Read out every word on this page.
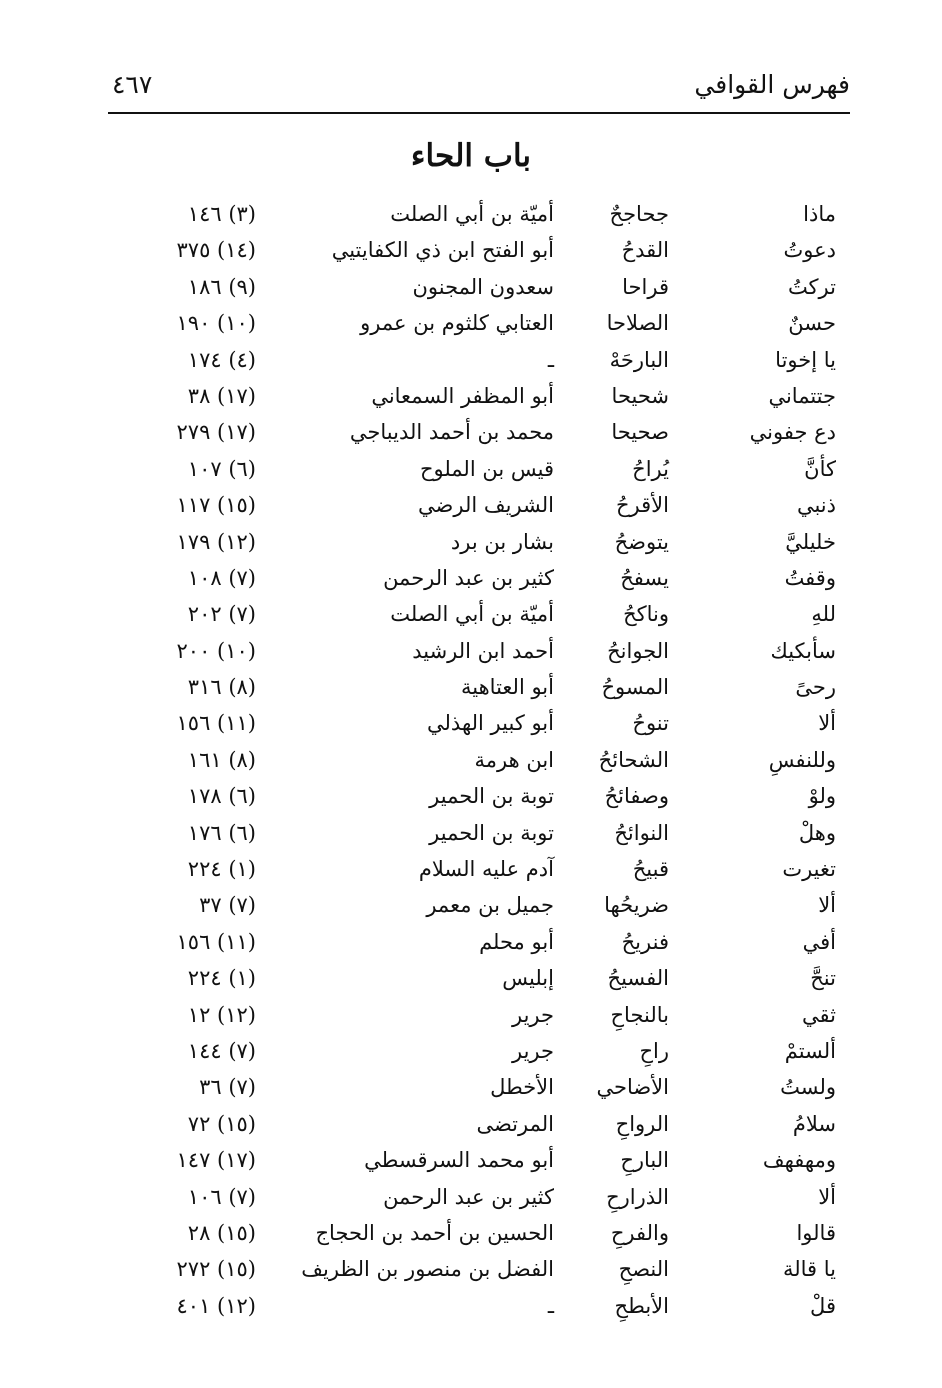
فهرس القوافي
٤٦٧
باب الحاء
ماذا
جحاجحٌ
أميّة بن أبي الصلت
(٣) ١٤٦
دعوتُ
القدحُ
أبو الفتح ابن ذي الكفايتيي
(١٤) ٣٧٥
تركتُ
قراحا
سعدون المجنون
(٩) ١٨٦
حسنٌ
الصلاحا
العتابي كلثوم بن عمرو
(١٠) ١٩٠
يا إخوتا
البارحَهْ
ـ
(٤) ١٧٤
جتتماني
شحيحا
أبو المظفر السمعاني
(١٧) ٣٨
دع جفوني
صحيحا
محمد بن أحمد الديباجي
(١٧) ٢٧٩
كأنَّ
يُراحُ
قيس بن الملوح
(٦) ١٠٧
ذنبي
الأقرحُ
الشريف الرضي
(١٥) ١١٧
خليليَّ
يتوضحُ
بشار بن برد
(١٢) ١٧٩
وقفتُ
يسفحُ
كثير بن عبد الرحمن
(٧) ١٠٨
للهِ
وناكحُ
أميّة بن أبي الصلت
(٧) ٢٠٢
سأبكيك
الجوانحُ
أحمد ابن الرشيد
(١٠) ٢٠٠
رحىً
المسوحُ
أبو العتاهية
(٨) ٣١٦
ألا
تنوحُ
أبو كبير الهذلي
(١١) ١٥٦
وللنفسِ
الشحائحُ
ابن هرمة
(٨) ١٦١
ولوْ
وصفائحُ
توبة بن الحمير
(٦) ١٧٨
وهلْ
النوائحُ
توبة بن الحمير
(٦) ١٧٦
تغيرت
قبيحُ
آدم عليه السلام
(١) ٢٢٤
ألا
ضريحُها
جميل بن معمر
(٧) ٣٧
أفي
فنريحُ
أبو محلم
(١١) ١٥٦
تنحَّ
الفسيحُ
إبليس
(١) ٢٢٤
ثقي
بالنجاحِ
جرير
(١٢) ١٢
ألستمْ
راحِ
جرير
(٧) ١٤٤
ولستُ
الأضاحي
الأخطل
(٧) ٣٦
سلامُ
الرواحِ
المرتضى
(١٥) ٧٢
ومهفهف
البارحِ
أبو محمد السرقسطي
(١٧) ١٤٧
ألا
الذرارحِ
كثير بن عبد الرحمن
(٧) ١٠٦
قالوا
والفرحِ
الحسين بن أحمد بن الحجاج
(١٥) ٢٨
يا قالة
النصحِ
الفضل بن منصور بن الظريف
(١٥) ٢٧٢
قلْ
الأبطحِ
ـ
(١٢) ٤٠١
